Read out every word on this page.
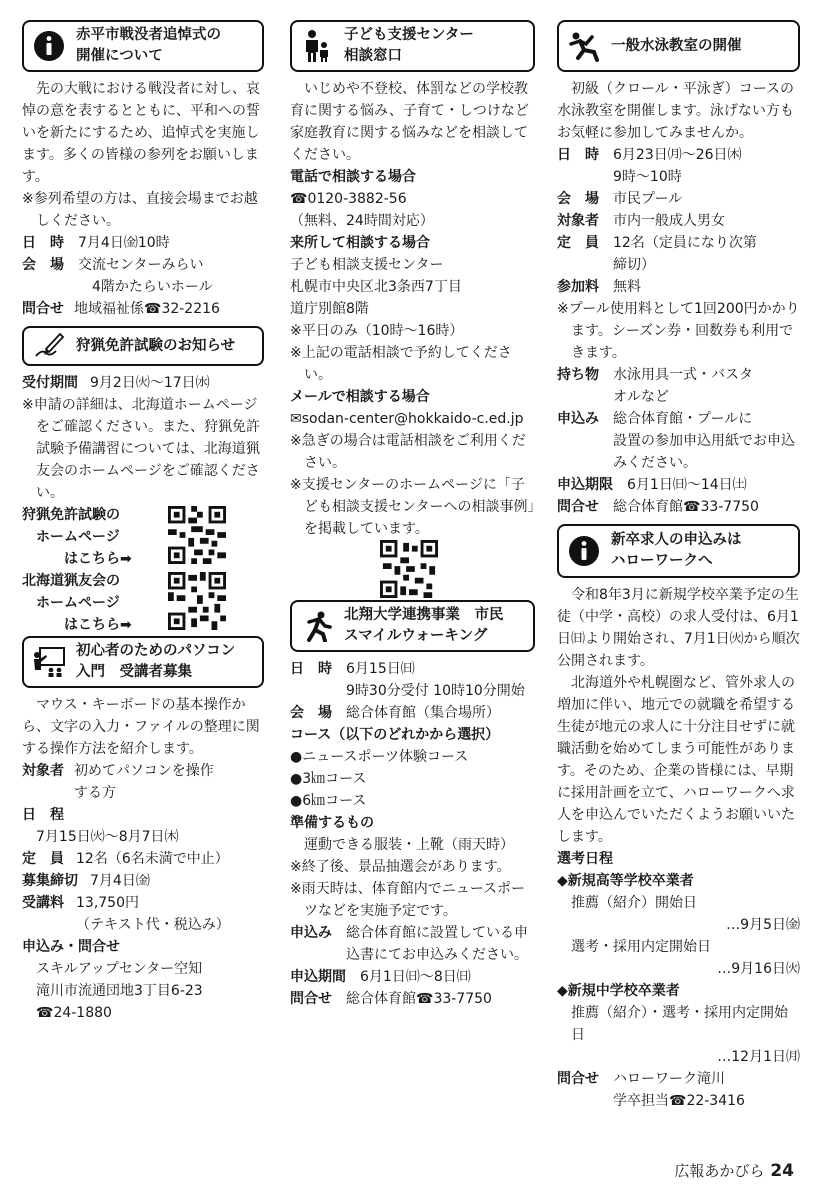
赤平市戦没者追悼式の
開催について

先の大戦における戦没者に対し、哀悼の意を表するとともに、平和への誓いを新たにするため、追悼式を実施します。多くの皆様の参列をお願いします。

※参列希望の方は、直接会場までお越しください。

日　時 7月4日㈮10時
会　場 交流センターみらい
　4階かたらいホール
問合せ 地域福祉係☎32-2216
狩猟免許試験のお知らせ
受付期間 9月2日㈫〜17日㈬

※申請の詳細は、北海道ホームページをご確認ください。また、狩猟免許試験予備講習については、北海道猟友会のホームページをご確認ください。

狩猟免許試験の
　ホームページ
　　　はこちら➡
北海道猟友会の
　ホームページ
　　　はこちら➡
初心者のためのパソコン
入門　受講者募集

マウス・キーボードの基本操作から、文字の入力・ファイルの整理に関する操作方法を紹介します。

対象者 初めてパソコンを操作
する方
日　程

7月15日㈫〜8月7日㈭

定　員 12名（6名未満で中止）
募集締切 7月4日㈮
受講料 13,750円
（テキスト代・税込み）
申込み・問合せ

スキルアップセンター空知
滝川市流通団地3丁目6-23
☎24-1880

子ども支援センター
相談窓口

いじめや不登校、体罰などの学校教育に関する悩み、子育て・しつけなど家庭教育に関する悩みなどを相談してください。

電話で相談する場合

☎0120-3882-56
（無料、24時間対応）

来所して相談する場合

子ども相談支援センター
札幌市中央区北3条西7丁目
道庁別館8階

※平日のみ（10時〜16時）

※上記の電話相談で予約してください。

メールで相談する場合

✉sodan-center@hokkaido-c.ed.jp

※急ぎの場合は電話相談をご利用ください。

※支援センターのホームページに「子ども相談支援センターへの相談事例」を掲載しています。

北翔大学連携事業　市民
スマイルウォーキング
日　時 6月15日㈰
9時30分受付 10時10分開始
会　場 総合体育館（集合場所）

コース（以下のどれかから選択）

●ニュースポーツ体験コース

●3㎞コース

●6㎞コース

準備するもの

運動できる服装・上靴（雨天時）

※終了後、景品抽選会があります。

※雨天時は、体育館内でニュースポーツなどを実施予定です。

申込み 総合体育館に設置している申込書にてお申込みください。
申込期間 6月1日㈰〜8日㈰
問合せ 総合体育館☎33-7750
一般水泳教室の開催

初級（クロール・平泳ぎ）コースの水泳教室を開催します。泳げない方もお気軽に参加してみませんか。

日　時 6月23日㈪〜26日㈭
9時〜10時
会　場 市民プール
対象者 市内一般成人男女
定　員 12名（定員になり次第
締切）
参加料 無料

※プール使用料として1回200円かかります。シーズン券・回数券も利用できます。

持ち物 水泳用具一式・バスタ
オルなど
申込み 総合体育館・プールに
設置の参加申込用紙でお申込
みください。
申込期限 6月1日㈰〜14日㈯
問合せ 総合体育館☎33-7750
新卒求人の申込みは
ハローワークへ

令和8年3月に新規学校卒業予定の生徒（中学・高校）の求人受付は、6月1日㈰より開始され、7月1日㈫から順次公開されます。

北海道外や札幌圏など、管外求人の増加に伴い、地元での就職を希望する生徒が地元の求人に十分注目せずに就職活動を始めてしまう可能性があります。そのため、企業の皆様には、早期に採用計画を立て、ハローワークへ求人を申込んでいただくようお願いいたします。

選考日程

◆新規高等学校卒業者

推薦（紹介）開始日

…9月5日㈮

選考・採用内定開始日

…9月16日㈫

◆新規中学校卒業者

推薦（紹介）・選考・採用内定開始日

…12月1日㈪

問合せ ハローワーク滝川
学卒担当☎22-3416
広報あかびら 24
